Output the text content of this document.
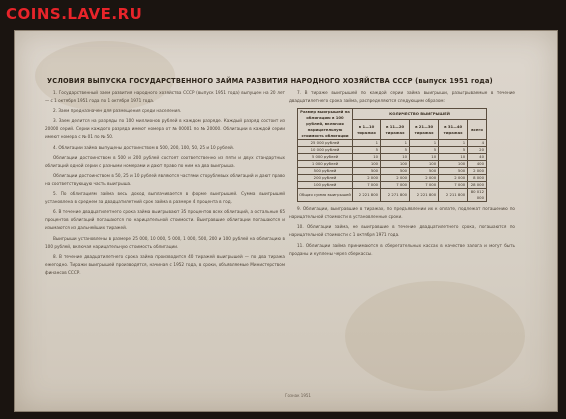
COINS.LAVE.RU
УСЛОВИЯ ВЫПУСКА ГОСУДАРСТВЕННОГО ЗАЙМА РАЗВИТИЯ НАРОДНОГО ХОЗЯЙСТВА СССР (выпуск 1951 года)

1. Государственный заем развития народного хозяйства СССР (выпуск 1951 года) выпущен на 20 лет — с 1 октября 1951 года по 1 октября 1971 года.

2. Заем предназначен для размещения среди населения.

3. Заем делится на разряды по 100 миллионов рублей в каждом разряде. Каждый разряд состоит из 20000 серий. Серии каждого разряда имеют номера от № 00001 по № 20000. Облигации в каждой серии имеют номера с № 01 по № 50.

4. Облигации займа выпущены достоинством в 500, 200, 100, 50, 25 и 10 рублей.

Облигации достоинством в 500 и 200 рублей состоят соответственно из пяти и двух стандартных облигаций одной серии с разными номерами и дают право по ним на два выигрыша.

Облигации достоинством в 50, 25 и 10 рублей являются частями сторублевых облигаций и дают право на соответствующую часть выигрыша.

5. По облигациям займа весь доход выплачивается в форме выигрышей. Сумма выигрышей установлена в среднем за двадцатилетний срок займа в размере 4 процента в год.

6. В течение двадцатилетнего срока займа выигрывают 35 процентов всех облигаций, а остальные 65 процентов облигаций погашаются по нарицательной стоимости. Выигравшие облигации погашаются и изымаются из дальнейших тиражей.

Выигрыши установлены в размере 25 000, 10 000, 5 000, 1 000, 500, 200 и 100 рублей на облигацию в 100 рублей, включая нарицательную стоимость облигации.

8. В течение двадцатилетнего срока займа производится 40 тиражей выигрышей — по два тиража ежегодно. Тиражи выигрышей производятся, начиная с 1952 года, в сроки, объявляемые Министерством финансов СССР.

7. В тираже выигрышей по каждой серии займа выигрыши, разыгрываемые в течение двадцатилетнего срока займа, распределяются следующим образом:

Размер выигрышей на облигацию в 100 рублей, включая нарицательную стоимость облигации	КОЛИЧЕСТВО ВЫИГРЫШЕЙ				
	в 1—10 тиражах	в 11—20 тиражах	в 21—30 тиражах	в 31—40 тиражах	всего
25 000 рублей	1	1	1	1	4
10 000 рублей	5	5	5	5	20
5 000 рублей	10	10	10	10	40
1 000 рублей	100	100	100	100	400
500 рублей	500	500	500	500	2 000
200 рублей	2 000	2 000	2 000	2 000	8 000
100 рублей	7 000	7 000	7 000	7 000	28 000
Общая сумма выигрышей	2 221 800	2 271 800	2 221 800	2 211 800	80 012 000

9. Облигации, выигравшие в тиражах, по предъявлении их к оплате, подлежат погашению по нарицательной стоимости в установленные сроки.

10. Облигации займа, не выигравшие в течение двадцатилетнего срока, погашаются по нарицательной стоимости с 1 октября 1971 года.

11. Облигации займа принимаются в сберегательных кассах в качестве залога и могут быть проданы и куплены через сберкассы.

Гознак 1951
